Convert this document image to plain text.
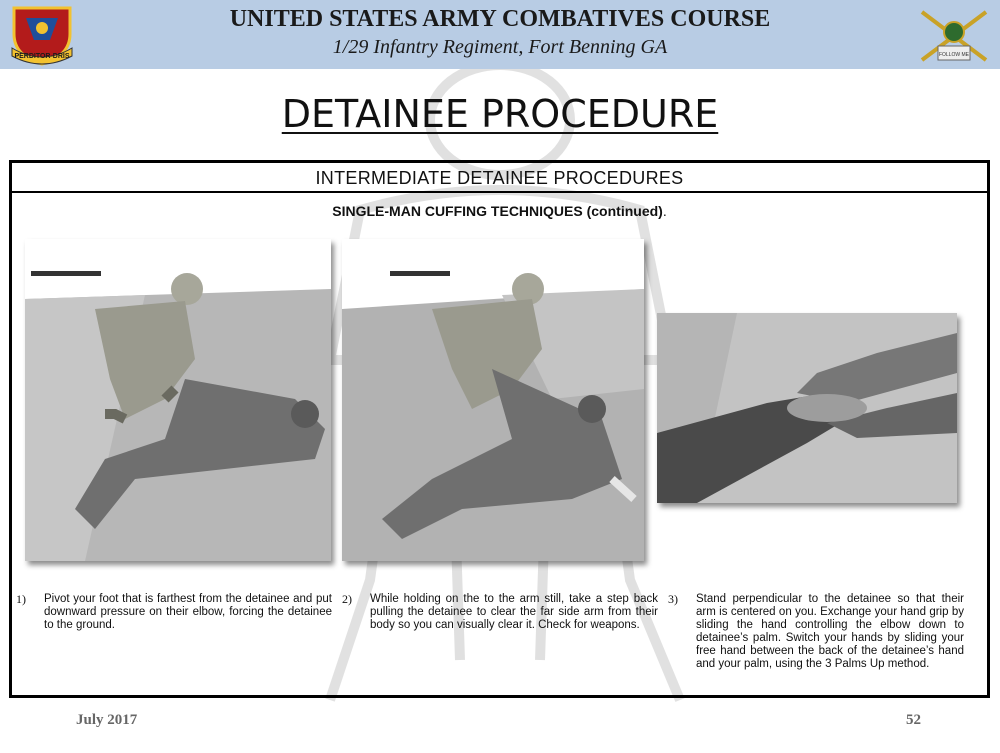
PERDITOR-DRIS
UNITED STATES ARMY COMBATIVES COURSE
1/29 Infantry Regiment, Fort Benning GA	FOLLOW ME
DETAINEE PROCEDURE
INTERMEDIATE DETAINEE PROCEDURES
SINGLE-MAN CUFFING TECHNIQUES (continued).
1) Pivot your foot that is farthest from the detainee and put downward pressure on their elbow, forcing the detainee to the ground.
2) While holding on the to the arm still, take a step back pulling the detainee to clear the far side arm from their body so you can visually clear it. Check for weapons.
3) Stand perpendicular to the detainee so that their arm is centered on you. Exchange your hand grip by sliding the hand controlling the elbow down to detainee’s palm. Switch your hands by sliding your free hand between the back of the detainee’s hand and your palm, using the 3 Palms Up method.
July 2017	52
